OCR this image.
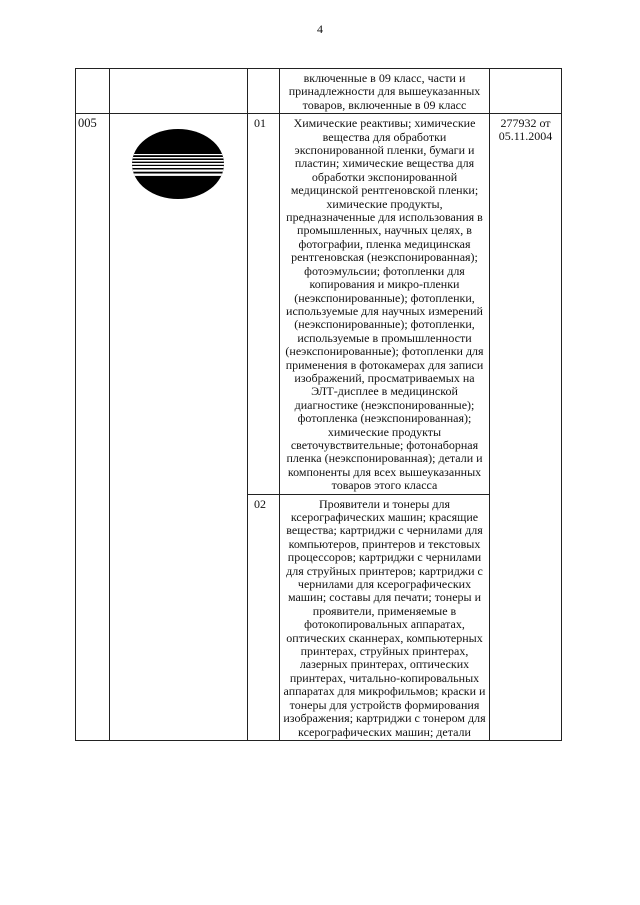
4

			включенные в 09 класс, части и принадлежности для вышеуказанных товаров, включенные в 09 класс	

005		01	Химические реактивы; химические вещества для обработки экспонированной пленки, бумаги и пластин; химические вещества для обработки экспонированной медицинской рентгеновской пленки; химические продукты, предназначенные для использования в промышленных, научных целях, в фотографии, пленка медицинская рентгеновская (неэкспонированная); фотоэмульсии; фотопленки для копирования и микро-пленки (неэкспонированные); фотопленки, используемые для научных измерений (неэкспонированные); фотопленки, используемые в промышленности (неэкспонированные); фотопленки для применения в фотокамерах для записи изображений, просматриваемых на ЭЛТ-дисплее в медицинской диагностике (неэкспонированные); фотопленка (неэкспонированная); химические продукты светочувствительные; фотонаборная пленка (неэкспонированная); детали и компоненты для всех вышеуказанных товаров этого класса	277932 от 05.11.2004

		02	Проявители и тонеры для ксерографических машин; красящие вещества; картриджи с чернилами для компьютеров, принтеров и текстовых процессоров; картриджи с чернилами для струйных принтеров; картриджи с чернилами для ксерографических машин; составы для печати; тонеры и проявители, применяемые в фотокопировальных аппаратах, оптических сканнерах, компьютерных принтерах, струйных принтерах, лазерных принтерах, оптических принтерах, читально-копировальных аппаратах для микрофильмов; краски и тонеры для устройств формирования изображения; картриджи с тонером для ксерографических машин; детали	
